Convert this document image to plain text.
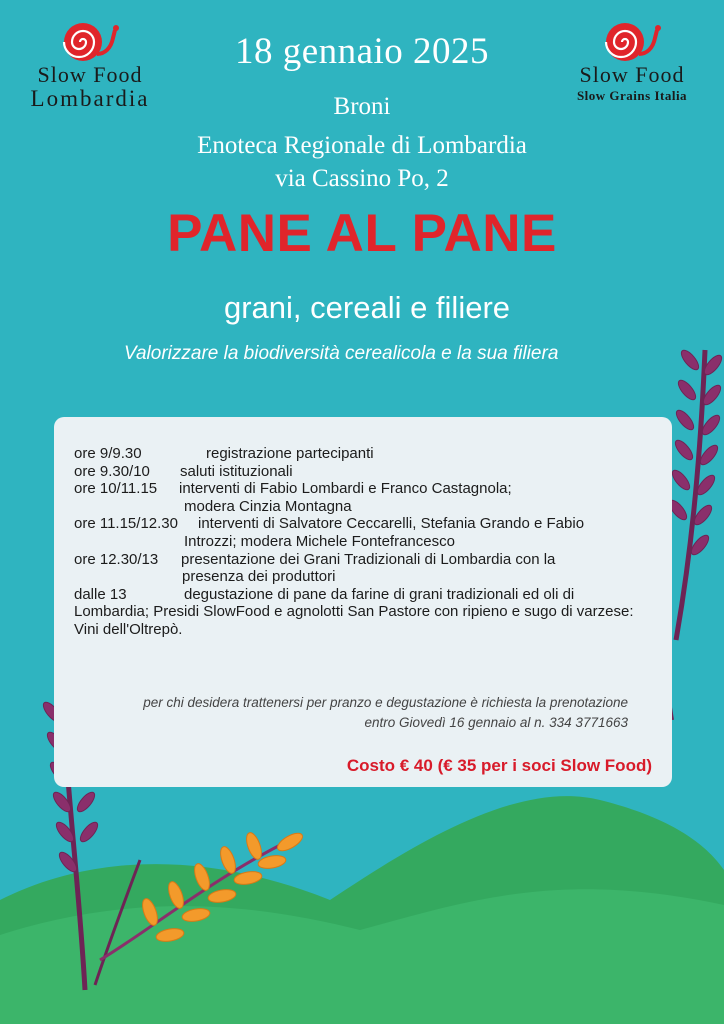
Slow Food
Lombardia
Slow Food
Slow Grains Italia
18 gennaio 2025
Broni
Enoteca Regionale di Lombardia
via Cassino Po, 2
PANE AL PANE
grani, cereali e filiere
Valorizzare la biodiversità cerealicola e la sua filiera
ore 9/9.30	registrazione partecipanti
ore 9.30/10	saluti istituzionali
ore 10/11.15	interventi di Fabio Lombardi e Franco Castagnola;
modera Cinzia Montagna
ore 11.15/12.30	interventi di Salvatore Ceccarelli, Stefania Grando e Fabio
Introzzi; modera Michele Fontefrancesco
ore 12.30/13	presentazione dei Grani Tradizionali di Lombardia con la
presenza dei produttori
dalle 13	degustazione di pane da farine di grani tradizionali ed oli di
Lombardia; Presidi SlowFood e agnolotti San Pastore con ripieno e sugo di varzese: Vini dell'Oltrepò.
per chi desidera trattenersi per pranzo e degustazione è richiesta la prenotazione
entro Giovedì 16 gennaio al n. 334 3771663
Costo € 40 (€ 35 per i soci Slow Food)
